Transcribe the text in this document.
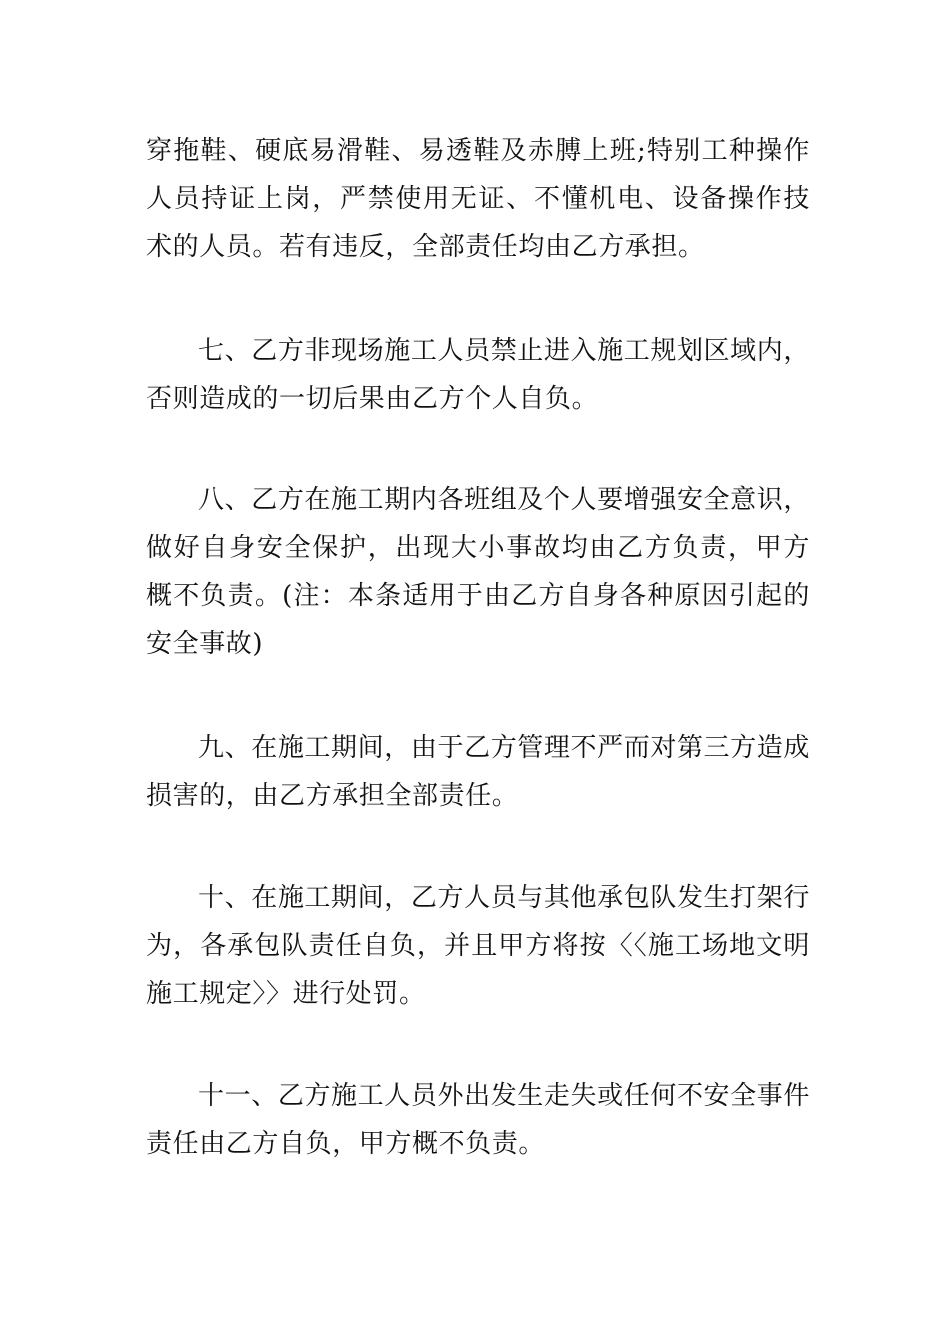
穿拖鞋、硬底易滑鞋、易透鞋及赤膊上班;特别工种操作人员持证上岗，严禁使用无证、不懂机电、设备操作技术的人员。若有违反，全部责任均由乙方承担。

七、乙方非现场施工人员禁止进入施工规划区域内，否则造成的一切后果由乙方个人自负。

八、乙方在施工期内各班组及个人要增强安全意识，做好自身安全保护，出现大小事故均由乙方负责，甲方概不负责。(注：本条适用于由乙方自身各种原因引起的安全事故)

九、在施工期间，由于乙方管理不严而对第三方造成损害的，由乙方承担全部责任。

十、在施工期间，乙方人员与其他承包队发生打架行为，各承包队责任自负，并且甲方将按〈〈施工场地文明施工规定〉〉进行处罚。

十一、乙方施工人员外出发生走失或任何不安全事件责任由乙方自负，甲方概不负责。
